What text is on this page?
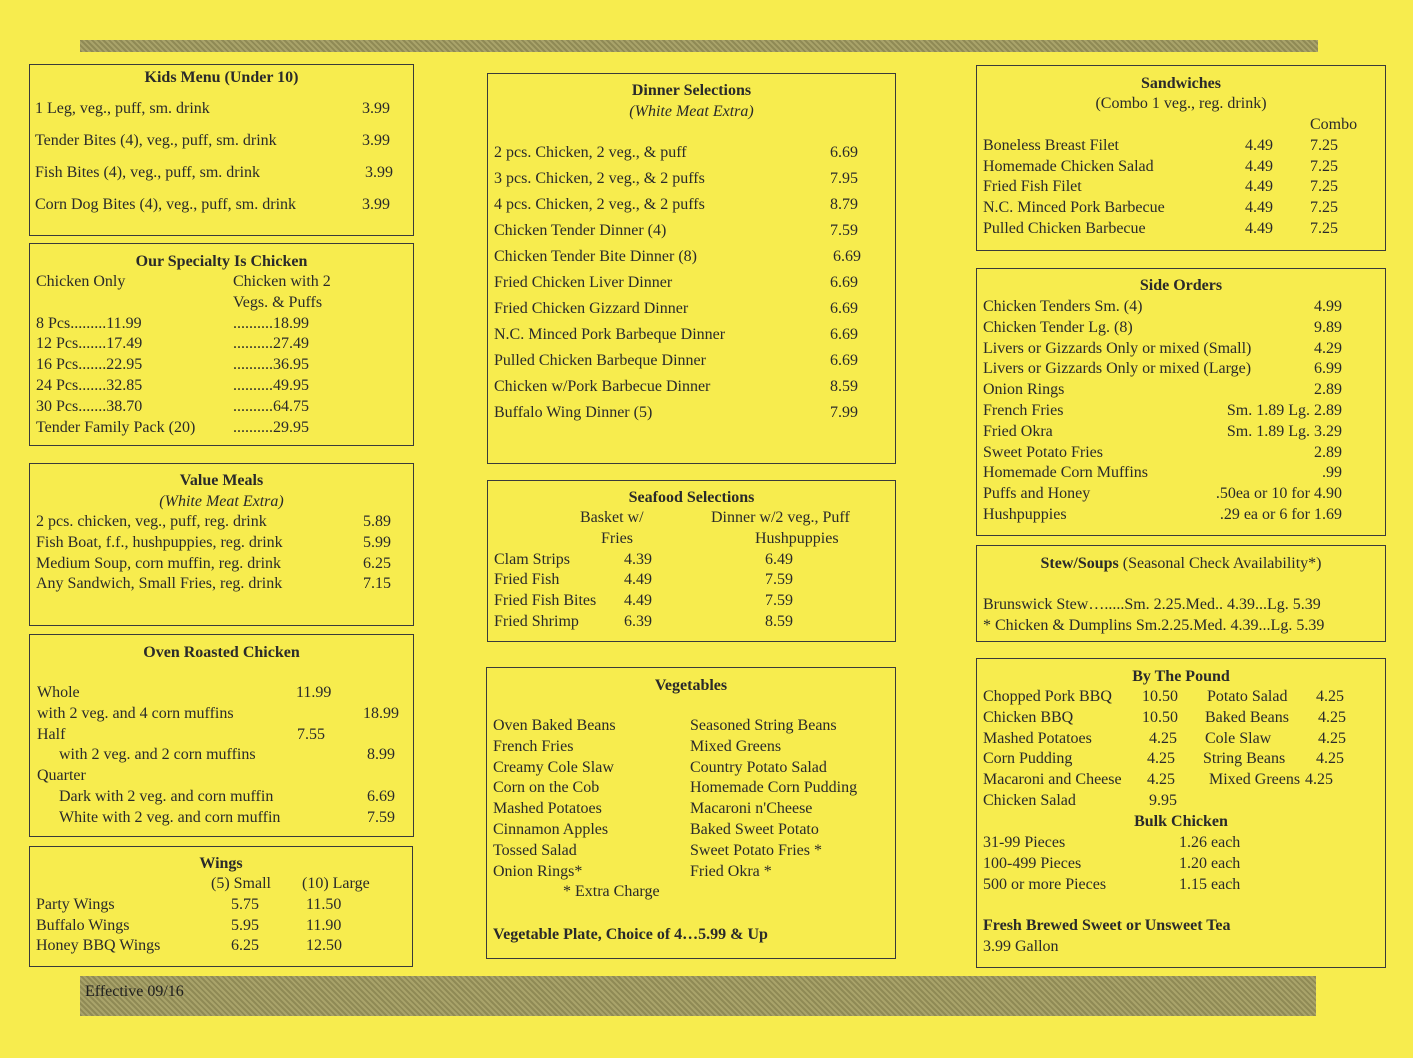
Effective 09/16
Kids Menu (Under 10)
1 Leg, veg., puff, sm. drink	3.99
Tender Bites (4), veg., puff, sm. drink	3.99
Fish Bites (4), veg., puff, sm. drink	3.99
Corn Dog Bites (4), veg., puff, sm. drink	3.99
Our Specialty Is Chicken
Chicken Only	Chicken with 2
Vegs. & Puffs
8 Pcs.........11.99	..........18.99
12 Pcs.......17.49	..........27.49
16 Pcs.......22.95	..........36.95
24 Pcs.......32.85	..........49.95
30 Pcs.......38.70	..........64.75
Tender Family Pack (20) ..........29.95
Value Meals
(White Meat Extra)
2 pcs. chicken, veg., puff, reg. drink	5.89
Fish Boat, f.f., hushpuppies, reg. drink	5.99
Medium Soup, corn muffin, reg. drink	6.25
Any Sandwich, Small Fries, reg. drink	7.15
Oven Roasted Chicken
Whole	11.99
with 2 veg. and 4 corn muffins	18.99
Half	7.55
with 2 veg. and 2 corn muffins	8.99
Quarter
Dark with 2 veg. and corn muffin	6.69
White with 2 veg. and corn muffin	7.59
Wings
(5) Small (10) Large
Party Wings	5.75	11.50
Buffalo Wings	5.95	11.90
Honey BBQ Wings	6.25	12.50
Dinner Selections
(White Meat Extra)
2 pcs. Chicken, 2 veg., & puff	6.69
3 pcs. Chicken, 2 veg., & 2 puffs	7.95
4 pcs. Chicken, 2 veg., & 2 puffs	8.79
Chicken Tender Dinner (4)	7.59
Chicken Tender Bite Dinner (8)	6.69
Fried Chicken Liver Dinner	6.69
Fried Chicken Gizzard Dinner	6.69
N.C. Minced Pork Barbeque Dinner	6.69
Pulled Chicken Barbeque Dinner	6.69
Chicken w/Pork Barbecue Dinner	8.59
Buffalo Wing Dinner (5)	7.99
Seafood Selections
Basket w/	Dinner w/2 veg., Puff
Fries	Hushpuppies
Clam Strips	4.39	6.49
Fried Fish	4.49	7.59
Fried Fish Bites 4.49	7.59
Fried Shrimp	6.39	8.59
Vegetables
Oven Baked Beans
French Fries
Creamy Cole Slaw
Corn on the Cob
Mashed Potatoes
Cinnamon Apples
Tossed Salad
Onion Rings*
Seasoned String Beans
Mixed Greens
Country Potato Salad
Homemade Corn Pudding
Macaroni n'Cheese
Baked Sweet Potato
Sweet Potato Fries *
Fried Okra *
* Extra Charge
Vegetable Plate, Choice of 4…5.99 & Up
Sandwiches
(Combo 1 veg., reg. drink)
Combo
Boneless Breast Filet	4.49 7.25
Homemade Chicken Salad	4.49 7.25
Fried Fish Filet	4.49 7.25
N.C. Minced Pork Barbecue	4.49 7.25
Pulled Chicken Barbecue	4.49 7.25
Side Orders
Chicken Tenders Sm. (4)	4.99
Chicken Tender Lg. (8)	9.89
Livers or Gizzards Only or mixed (Small)	4.29
Livers or Gizzards Only or mixed (Large)	6.99
Onion Rings	2.89
French Fries	Sm. 1.89 Lg. 2.89
Fried Okra	Sm. 1.89 Lg. 3.29
Sweet Potato Fries	2.89
Homemade Corn Muffins	.99
Puffs and Honey	.50ea or 10 for 4.90
Hushpuppies	.29 ea or 6 for 1.69
Stew/Soups (Seasonal Check Availability*)
Brunswick Stew….....Sm. 2.25.Med.. 4.39...Lg. 5.39
* Chicken & Dumplins Sm.2.25.Med. 4.39...Lg. 5.39
By The Pound
Chopped Pork BBQ 10.50 Potato Salad 4.25
Chicken BBQ	10.50 Baked Beans 4.25
Mashed Potatoes	4.25 Cole Slaw	4.25
Corn Pudding	4.25 String Beans 4.25
Macaroni and Cheese 4.25 Mixed Greens 4.25
Chicken Salad	9.95
Bulk Chicken
31-99 Pieces	1.26 each
100-499 Pieces	1.20 each
500 or more Pieces	1.15 each
Fresh Brewed Sweet or Unsweet Tea
3.99 Gallon
